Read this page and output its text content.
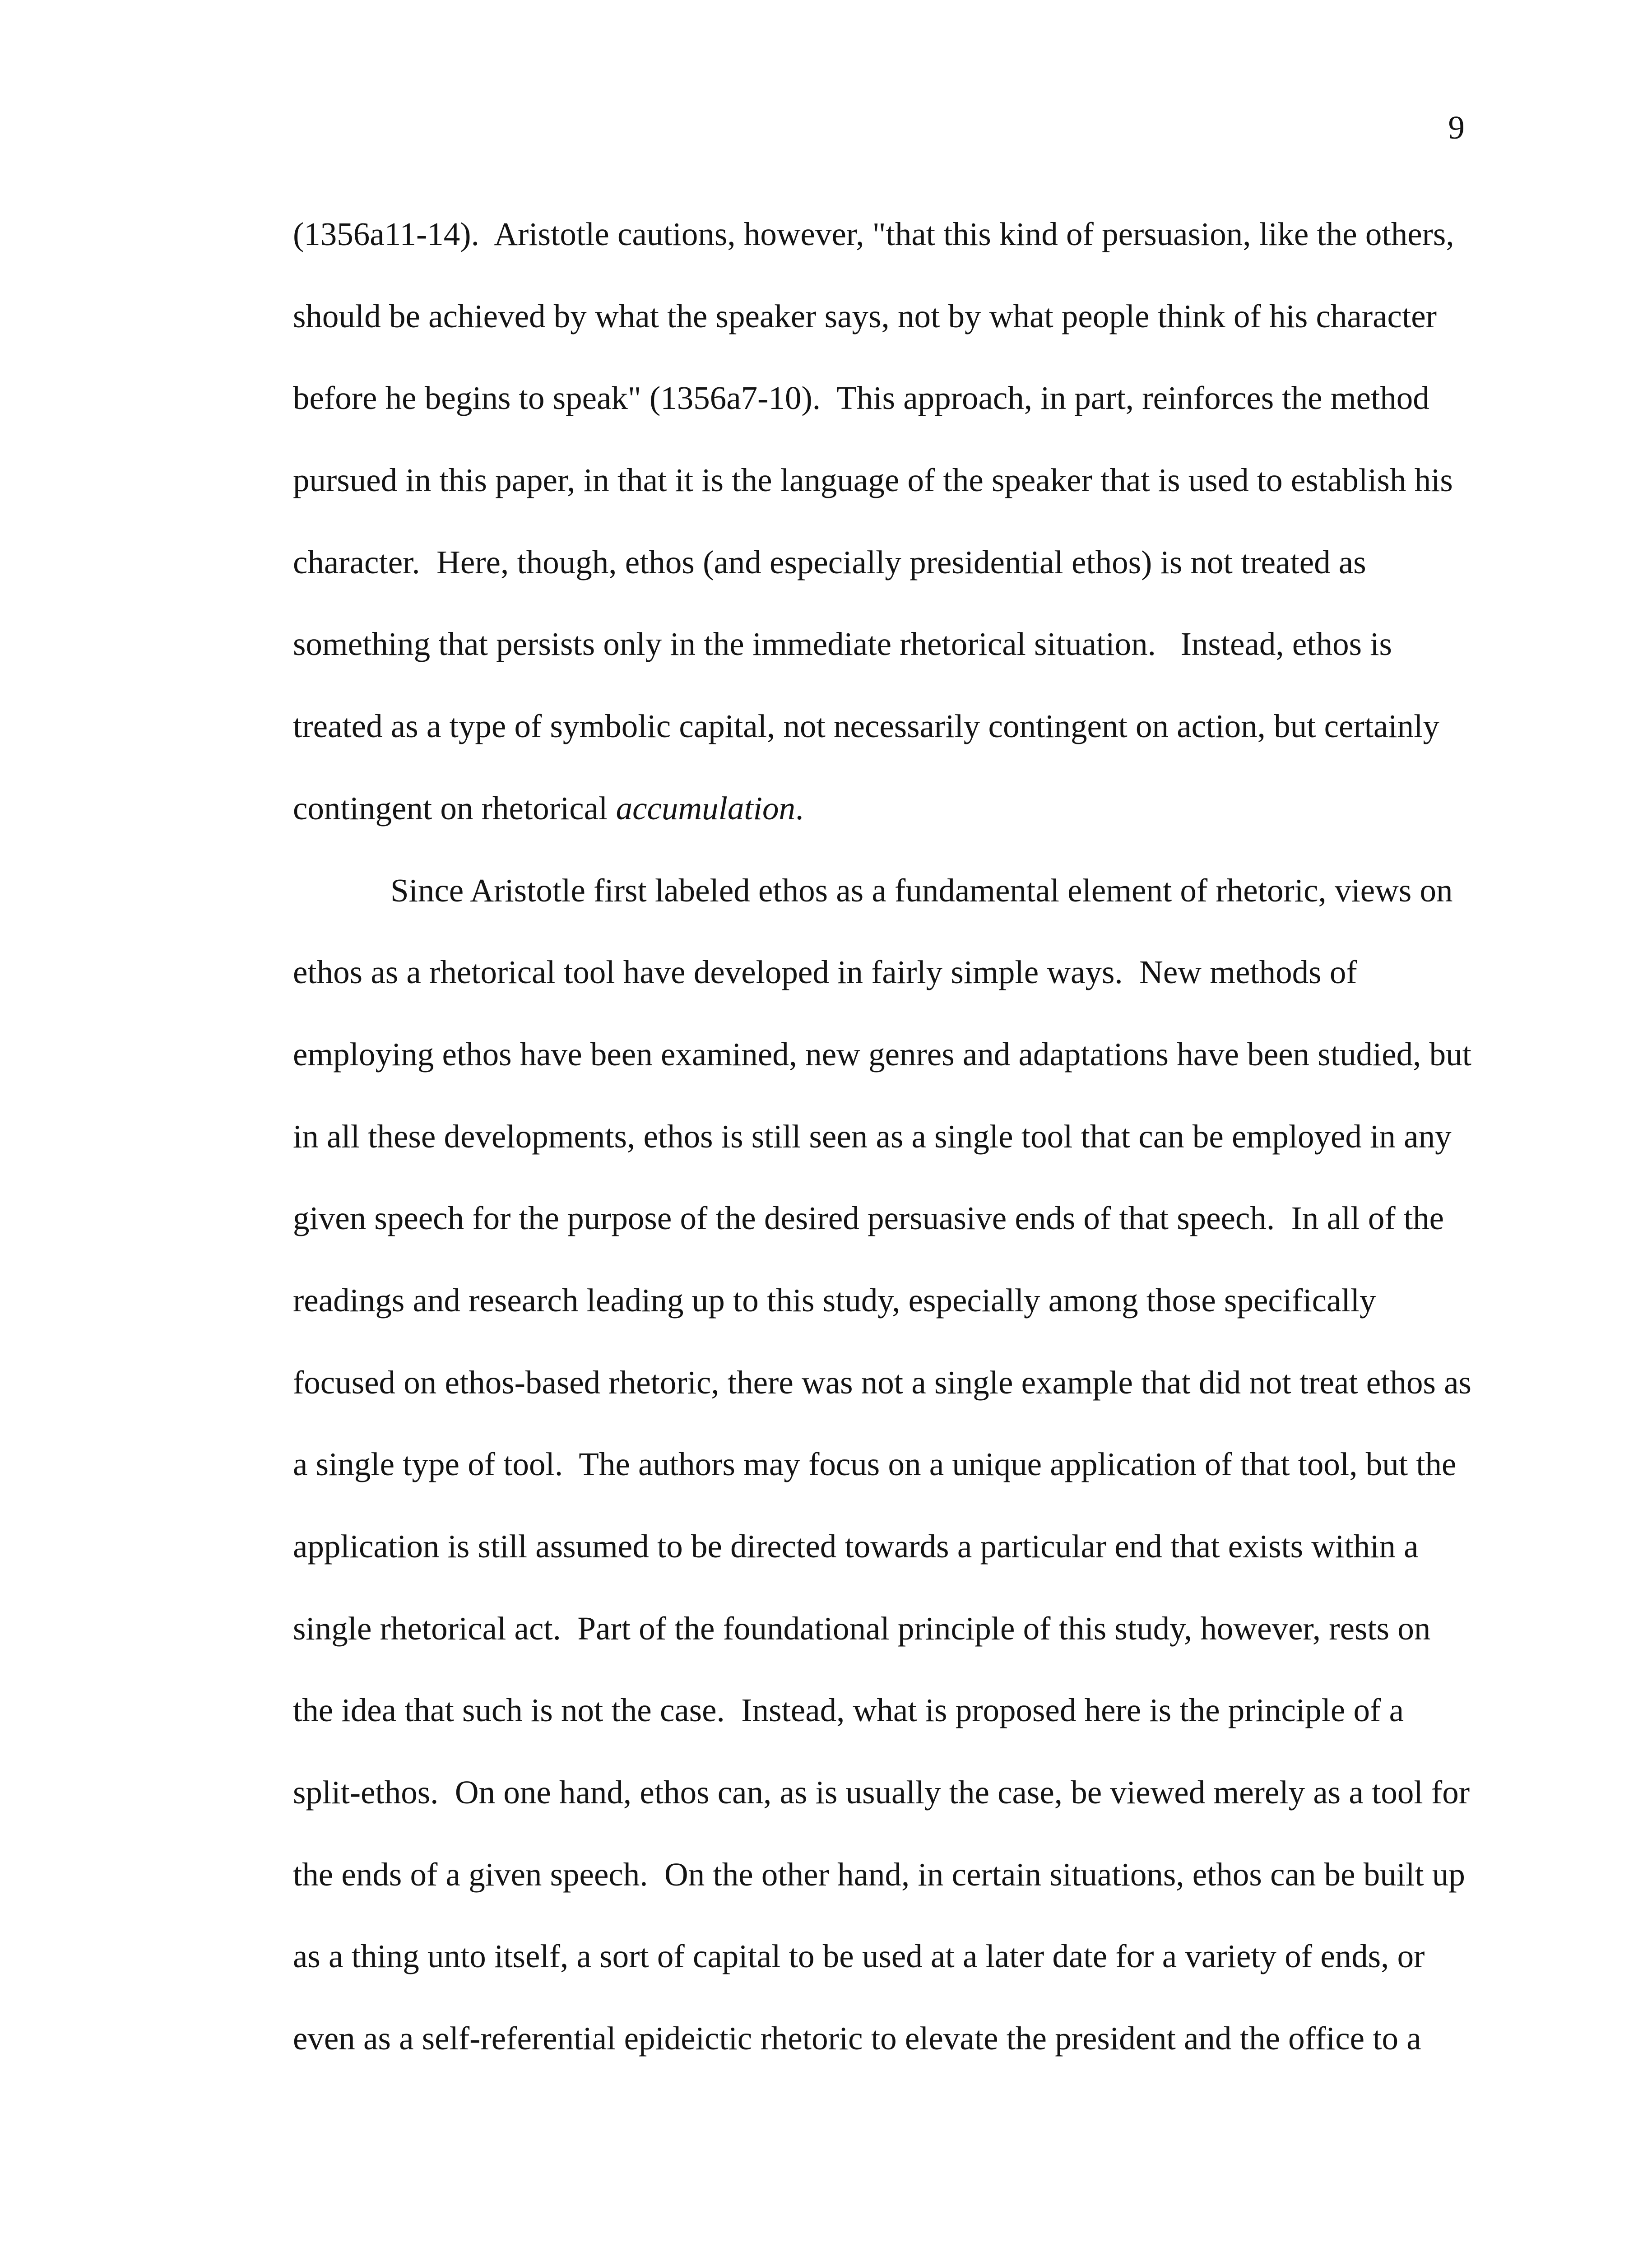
9
(1356a11-14).  Aristotle cautions, however, "that this kind of persuasion, like the others,
should be achieved by what the speaker says, not by what people think of his character
before he begins to speak" (1356a7-10).  This approach, in part, reinforces the method
pursued in this paper, in that it is the language of the speaker that is used to establish his
character.  Here, though, ethos (and especially presidential ethos) is not treated as
something that persists only in the immediate rhetorical situation.   Instead, ethos is
treated as a type of symbolic capital, not necessarily contingent on action, but certainly
contingent on rhetorical accumulation.
Since Aristotle first labeled ethos as a fundamental element of rhetoric, views on
ethos as a rhetorical tool have developed in fairly simple ways.  New methods of
employing ethos have been examined, new genres and adaptations have been studied, but
in all these developments, ethos is still seen as a single tool that can be employed in any
given speech for the purpose of the desired persuasive ends of that speech.  In all of the
readings and research leading up to this study, especially among those specifically
focused on ethos-based rhetoric, there was not a single example that did not treat ethos as
a single type of tool.  The authors may focus on a unique application of that tool, but the
application is still assumed to be directed towards a particular end that exists within a
single rhetorical act.  Part of the foundational principle of this study, however, rests on
the idea that such is not the case.  Instead, what is proposed here is the principle of a
split-ethos.  On one hand, ethos can, as is usually the case, be viewed merely as a tool for
the ends of a given speech.  On the other hand, in certain situations, ethos can be built up
as a thing unto itself, a sort of capital to be used at a later date for a variety of ends, or
even as a self-referential epideictic rhetoric to elevate the president and the office to a
